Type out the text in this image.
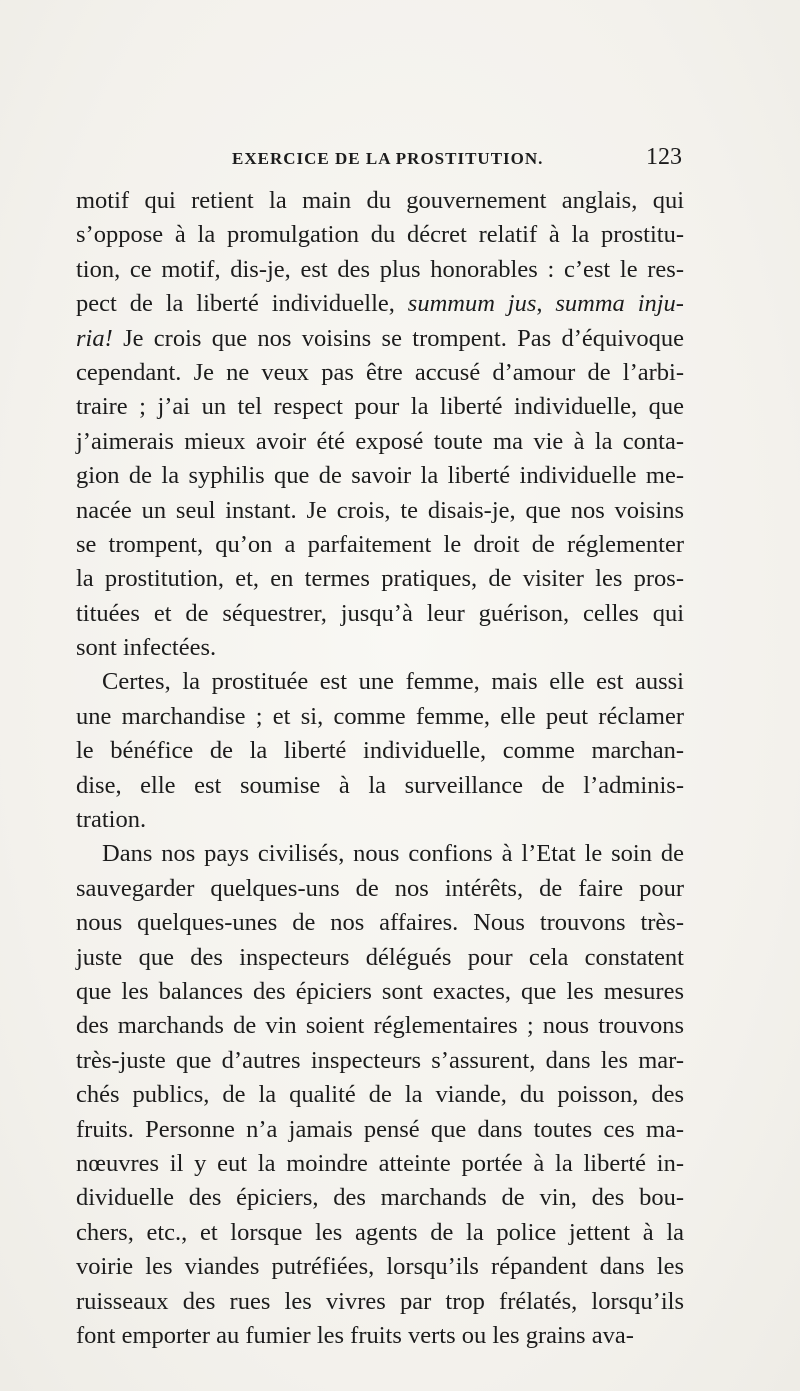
EXERCICE DE LA PROSTITUTION.	123
motif qui retient la main du gouvernement anglais, qui
s’oppose à la promulgation du décret relatif à la prostitu-
tion, ce motif, dis-je, est des plus honorables : c’est le res-
pect de la liberté individuelle, summum jus, summa inju-
ria! Je crois que nos voisins se trompent. Pas d’équivoque
cependant. Je ne veux pas être accusé d’amour de l’arbi-
traire ; j’ai un tel respect pour la liberté individuelle, que
j’aimerais mieux avoir été exposé toute ma vie à la conta-
gion de la syphilis que de savoir la liberté individuelle me-
nacée un seul instant. Je crois, te disais-je, que nos voisins
se trompent, qu’on a parfaitement le droit de réglementer
la prostitution, et, en termes pratiques, de visiter les pros-
tituées et de séquestrer, jusqu’à leur guérison, celles qui
sont infectées.
Certes, la prostituée est une femme, mais elle est aussi
une marchandise ; et si, comme femme, elle peut réclamer
le bénéfice de la liberté individuelle, comme marchan-
dise, elle est soumise à la surveillance de l’adminis-
tration.
Dans nos pays civilisés, nous confions à l’Etat le soin de
sauvegarder quelques-uns de nos intérêts, de faire pour
nous quelques-unes de nos affaires. Nous trouvons très-
juste que des inspecteurs délégués pour cela constatent
que les balances des épiciers sont exactes, que les mesures
des marchands de vin soient réglementaires ; nous trouvons
très-juste que d’autres inspecteurs s’assurent, dans les mar-
chés publics, de la qualité de la viande, du poisson, des
fruits. Personne n’a jamais pensé que dans toutes ces ma-
nœuvres il y eut la moindre atteinte portée à la liberté in-
dividuelle des épiciers, des marchands de vin, des bou-
chers, etc., et lorsque les agents de la police jettent à la
voirie les viandes putréfiées, lorsqu’ils répandent dans les
ruisseaux des rues les vivres par trop frélatés, lorsqu’ils
font emporter au fumier les fruits verts ou les grains ava-
